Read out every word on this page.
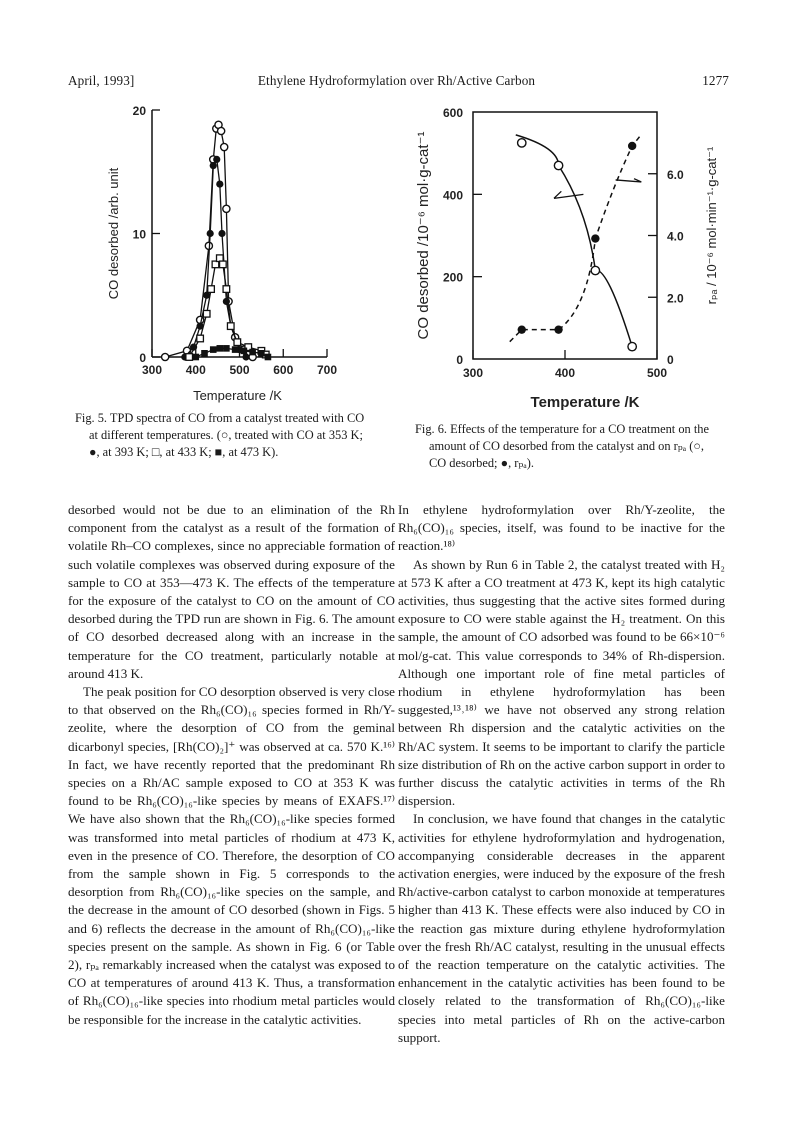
April, 1993]	Ethylene Hydroformylation over Rh/Active Carbon	1277
0
10
20
300 400 500 600 700
CO desorbed /arb. unit
Temperature /K
Fig. 5. TPD spectra of CO from a catalyst treated with CO at different temperatures. (○, treated with CO at 353 K; ●, at 393 K; □, at 433 K; ■, at 473 K).
0
200
400
600
0
2.0
4.0
6.0
300	400	500
CO desorbed /10⁻⁶ mol·g-cat⁻¹	rₚₐ / 10⁻⁶ mol·min⁻¹·g-cat⁻¹
Temperature /K
Fig. 6. Effects of the temperature for a CO treatment on the amount of CO desorbed from the catalyst and on rₚₐ (○, CO desorbed; ●, rₚₐ).

desorbed would not be due to an elimination of the Rh component from the catalyst as a result of the formation of volatile Rh–CO complexes, since no appreciable formation of such volatile complexes was observed during exposure of the sample to CO at 353—473 K. The effects of the temperature for the exposure of the catalyst to CO on the amount of CO desorbed during the TPD run are shown in Fig. 6. The amount of CO desorbed decreased along with an increase in the temperature for the CO treatment, particularly notable at around 413 K.

The peak position for CO desorption observed is very close to that observed on the Rh₆(CO)₁₆ species formed in Rh/Y-zeolite, where the desorption of CO from the geminal dicarbonyl species, [Rh(CO)₂]⁺ was observed at ca. 570 K.¹⁶⁾ In fact, we have recently reported that the predominant Rh species on a Rh/AC sample exposed to CO at 353 K was found to be Rh₆(CO)₁₆-like species by means of EXAFS.¹⁷⁾ We have also shown that the Rh₆(CO)₁₆-like species formed was transformed into metal particles of rhodium at 473 K, even in the presence of CO. Therefore, the desorption of CO from the sample shown in Fig. 5 corresponds to the desorption from Rh₆(CO)₁₆-like species on the sample, and the decrease in the amount of CO desorbed (shown in Figs. 5 and 6) reflects the decrease in the amount of Rh₆(CO)₁₆-like species present on the sample. As shown in Fig. 6 (or Table 2), rₚₐ remarkably increased when the catalyst was exposed to CO at temperatures of around 413 K. Thus, a transformation of Rh₆(CO)₁₆-like species into rhodium metal particles would be responsible for the increase in the catalytic activities.

In ethylene hydroformylation over Rh/Y-zeolite, the Rh₆(CO)₁₆ species, itself, was found to be inactive for the reaction.¹⁸⁾

As shown by Run 6 in Table 2, the catalyst treated with H₂ at 573 K after a CO treatment at 473 K, kept its high catalytic activities, thus suggesting that the active sites formed during exposure to CO were stable against the H₂ treatment. On this sample, the amount of CO adsorbed was found to be 66×10⁻⁶ mol/g-cat. This value corresponds to 34% of Rh-dispersion. Although one important role of fine metal particles of rhodium in ethylene hydroformylation has been suggested,¹³˒¹⁸⁾ we have not observed any strong relation between Rh dispersion and the catalytic activities on the Rh/AC system. It seems to be important to clarify the particle size distribution of Rh on the active carbon support in order to further discuss the catalytic activities in terms of the Rh dispersion.

In conclusion, we have found that changes in the catalytic activities for ethylene hydroformylation and hydrogenation, accompanying considerable decreases in the apparent activation energies, were induced by the exposure of the fresh Rh/active-carbon catalyst to carbon monoxide at temperatures higher than 413 K. These effects were also induced by CO in the reaction gas mixture during ethylene hydroformylation over the fresh Rh/AC catalyst, resulting in the unusual effects of the reaction temperature on the catalytic activities. The enhancement in the catalytic activities has been found to be closely related to the transformation of Rh₆(CO)₁₆-like species into metal particles of Rh on the active-carbon support.
